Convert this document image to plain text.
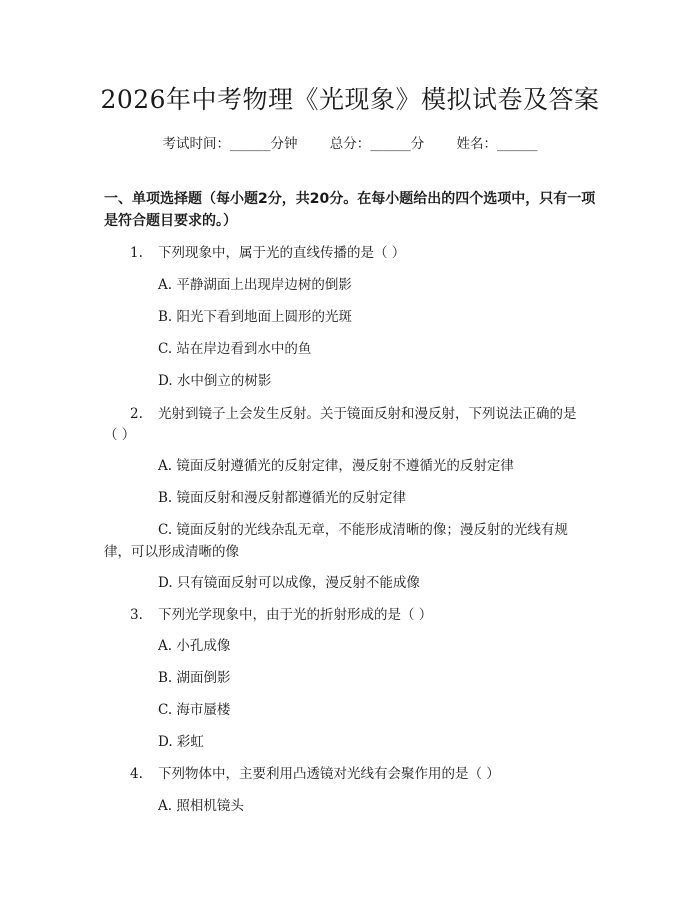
2026年中考物理《光现象》模拟试卷及答案
考试时间：______分钟 总分：______分 姓名：______
一、单项选择题（每小题2分，共20分。在每小题给出的四个选项中，只有一项是符合题目要求的。）
1. 下列现象中，属于光的直线传播的是（ ）
A. 平静湖面上出现岸边树的倒影
B. 阳光下看到地面上圆形的光斑
C. 站在岸边看到水中的鱼
D. 水中倒立的树影
2. 光射到镜子上会发生反射。关于镜面反射和漫反射，下列说法正确的是
（ ）
A. 镜面反射遵循光的反射定律，漫反射不遵循光的反射定律
B. 镜面反射和漫反射都遵循光的反射定律
C. 镜面反射的光线杂乱无章，不能形成清晰的像；漫反射的光线有规
律，可以形成清晰的像
D. 只有镜面反射可以成像，漫反射不能成像
3. 下列光学现象中，由于光的折射形成的是（ ）
A. 小孔成像
B. 湖面倒影
C. 海市蜃楼
D. 彩虹
4. 下列物体中，主要利用凸透镜对光线有会聚作用的是（ ）
A. 照相机镜头
